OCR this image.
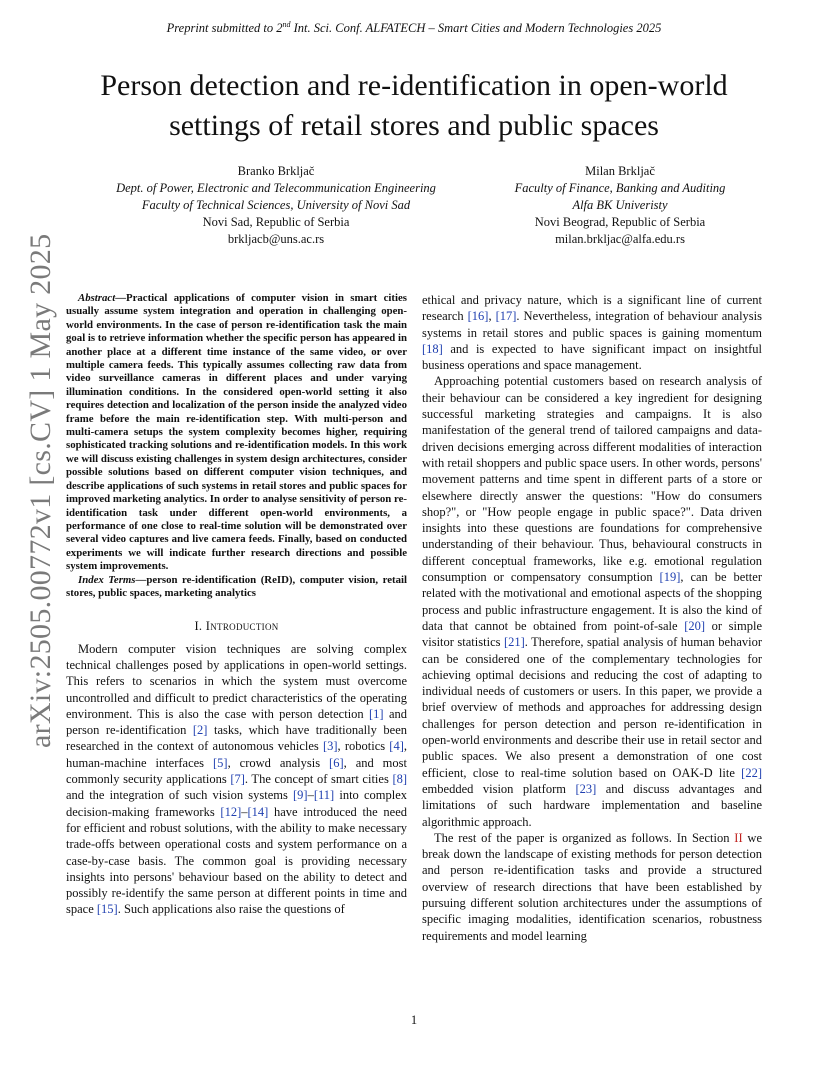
Preprint submitted to 2nd Int. Sci. Conf. ALFATECH – Smart Cities and Modern Technologies 2025
arXiv:2505.00772v1 [cs.CV] 1 May 2025
Person detection and re-identification in open-world
settings of retail stores and public spaces
Branko Brkljač
Dept. of Power, Electronic and Telecommunication Engineering
Faculty of Technical Sciences, University of Novi Sad
Novi Sad, Republic of Serbia
brkljacb@uns.ac.rs
Milan Brkljač
Faculty of Finance, Banking and Auditing
Alfa BK Univeristy
Novi Beograd, Republic of Serbia
milan.brkljac@alfa.edu.rs

Abstract—Practical applications of computer vision in smart cities usually assume system integration and operation in challenging open-world environments. In the case of person re-identification task the main goal is to retrieve information whether the specific person has appeared in another place at a different time instance of the same video, or over multiple camera feeds. This typically assumes collecting raw data from video surveillance cameras in different places and under varying illumination conditions. In the considered open-world setting it also requires detection and localization of the person inside the analyzed video frame before the main re-identification step. With multi-person and multi-camera setups the system complexity becomes higher, requiring sophisticated tracking solutions and re-identification models. In this work we will discuss existing challenges in system design architectures, consider possible solutions based on different computer vision techniques, and describe applications of such systems in retail stores and public spaces for improved marketing analytics. In order to analyse sensitivity of person re-identification task under different open-world environments, a performance of one close to real-time solution will be demonstrated over several video captures and live camera feeds. Finally, based on conducted experiments we will indicate further research directions and possible system improvements.

Index Terms—person re-identification (ReID), computer vision, retail stores, public spaces, marketing analytics

I. Introduction

Modern computer vision techniques are solving complex technical challenges posed by applications in open-world settings. This refers to scenarios in which the system must overcome uncontrolled and difficult to predict characteristics of the operating environment. This is also the case with person detection [1] and person re-identification [2] tasks, which have traditionally been researched in the context of autonomous vehicles [3], robotics [4], human-machine interfaces [5], crowd analysis [6], and most commonly security applications [7]. The concept of smart cities [8] and the integration of such vision systems [9]–[11] into complex decision-making frameworks [12]–[14] have introduced the need for efficient and robust solutions, with the ability to make necessary trade-offs between operational costs and system performance on a case-by-case basis. The common goal is providing necessary insights into persons' behaviour based on the ability to detect and possibly re-identify the same person at different points in time and space [15]. Such applications also raise the questions of

ethical and privacy nature, which is a significant line of current research [16], [17]. Nevertheless, integration of behaviour analysis systems in retail stores and public spaces is gaining momentum [18] and is expected to have significant impact on insightful business operations and space management.

Approaching potential customers based on research analysis of their behaviour can be considered a key ingredient for designing successful marketing strategies and campaigns. It is also manifestation of the general trend of tailored campaigns and data-driven decisions emerging across different modalities of interaction with retail shoppers and public space users. In other words, persons' movement patterns and time spent in different parts of a store or elsewhere directly answer the questions: "How do consumers shop?", or "How people engage in public space?". Data driven insights into these questions are foundations for comprehensive understanding of their behaviour. Thus, behavioural constructs in different conceptual frameworks, like e.g. emotional regulation consumption or compensatory consumption [19], can be better related with the motivational and emotional aspects of the shopping process and public infrastructure engagement. It is also the kind of data that cannot be obtained from point-of-sale [20] or simple visitor statistics [21]. Therefore, spatial analysis of human behavior can be considered one of the complementary technologies for achieving optimal decisions and reducing the cost of adapting to individual needs of customers or users. In this paper, we provide a brief overview of methods and approaches for addressing design challenges for person detection and person re-identification in open-world environments and describe their use in retail sector and public spaces. We also present a demonstration of one cost efficient, close to real-time solution based on OAK-D lite [22] embedded vision platform [23] and discuss advantages and limitations of such hardware implementation and baseline algorithmic approach.

The rest of the paper is organized as follows. In Section II we break down the landscape of existing methods for person detection and person re-identification tasks and provide a structured overview of research directions that have been established by pursuing different solution architectures under the assumptions of specific imaging modalities, identification scenarios, robustness requirements and model learning

1
